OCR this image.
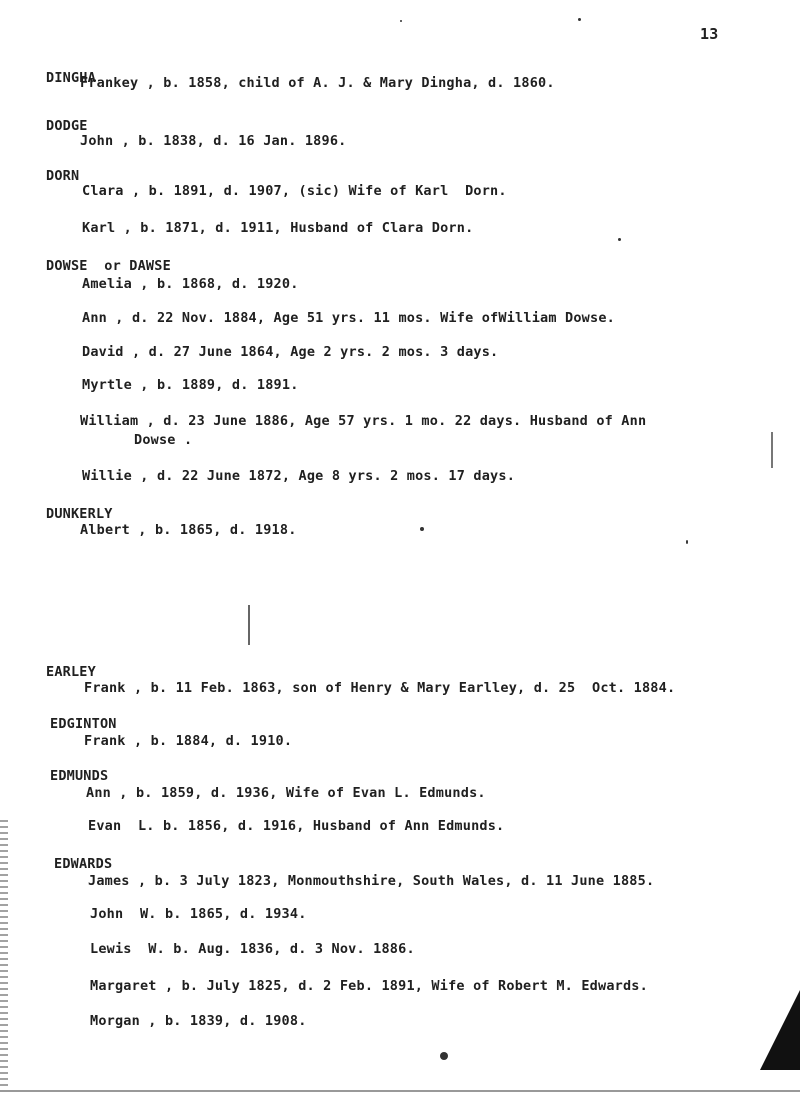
13
DINGHA
Frankey , b. 1858, child of A. J. & Mary Dingha, d. 1860.
DODGE
John , b. 1838, d. 16 Jan. 1896.
DORN
Clara , b. 1891, d. 1907, (sic) Wife of Karl  Dorn.
Karl , b. 1871, d. 1911, Husband of Clara Dorn.
DOWSE  or DAWSE
Amelia , b. 1868, d. 1920.
Ann , d. 22 Nov. 1884, Age 51 yrs. 11 mos. Wife ofWilliam Dowse.
David , d. 27 June 1864, Age 2 yrs. 2 mos. 3 days.
Myrtle , b. 1889, d. 1891.
William , d. 23 June 1886, Age 57 yrs. 1 mo. 22 days. Husband of Ann
Dowse .
Willie , d. 22 June 1872, Age 8 yrs. 2 mos. 17 days.
DUNKERLY
Albert , b. 1865, d. 1918.
EARLEY
Frank , b. 11 Feb. 1863, son of Henry & Mary Earlley, d. 25  Oct. 1884.
EDGINTON
Frank , b. 1884, d. 1910.
EDMUNDS
Ann , b. 1859, d. 1936, Wife of Evan L. Edmunds.
Evan  L. b. 1856, d. 1916, Husband of Ann Edmunds.
EDWARDS
James , b. 3 July 1823, Monmouthshire, South Wales, d. 11 June 1885.
John  W. b. 1865, d. 1934.
Lewis  W. b. Aug. 1836, d. 3 Nov. 1886.
Margaret , b. July 1825, d. 2 Feb. 1891, Wife of Robert M. Edwards.
Morgan , b. 1839, d. 1908.
